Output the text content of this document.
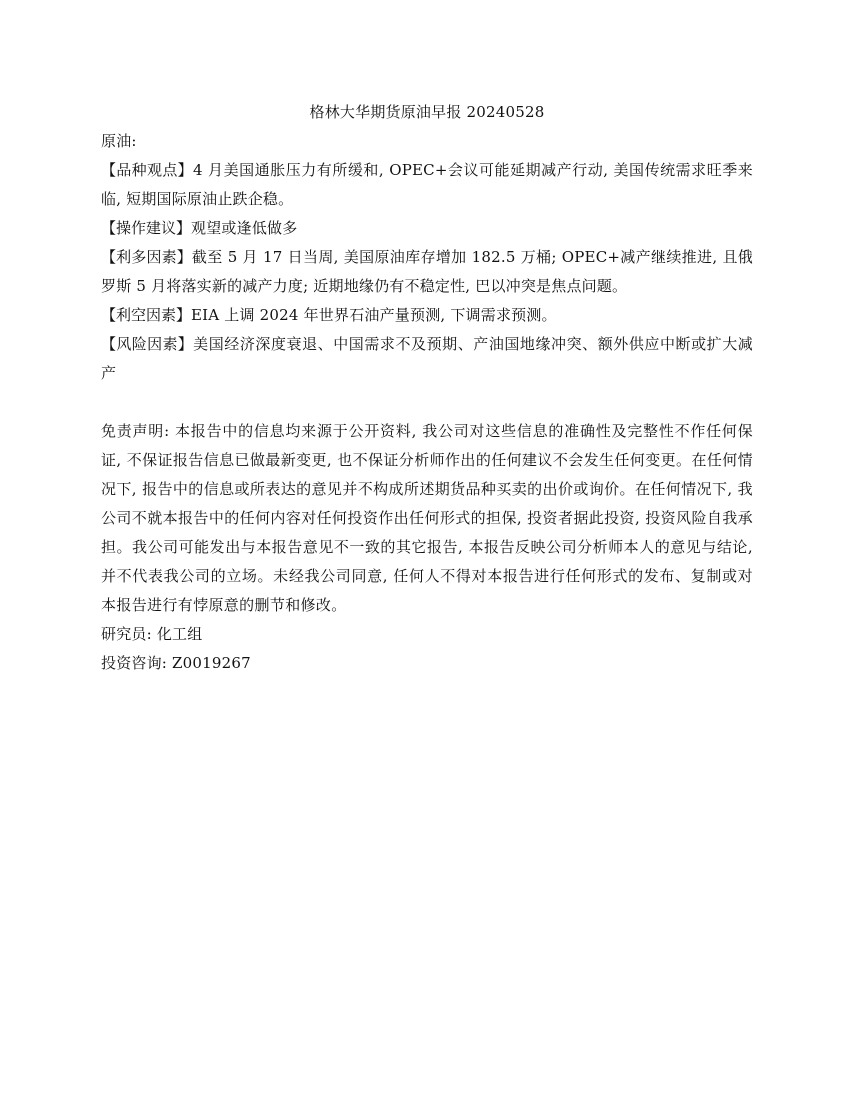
格林大华期货原油早报 20240528

原油:

【品种观点】4 月美国通胀压力有所缓和, OPEC+会议可能延期减产行动, 美国传统需求旺季来临, 短期国际原油止跌企稳。

【操作建议】观望或逢低做多

【利多因素】截至 5 月 17 日当周, 美国原油库存增加 182.5 万桶; OPEC+减产继续推进, 且俄罗斯 5 月将落实新的减产力度; 近期地缘仍有不稳定性, 巴以冲突是焦点问题。

【利空因素】EIA 上调 2024 年世界石油产量预测, 下调需求预测。

【风险因素】美国经济深度衰退、中国需求不及预期、产油国地缘冲突、额外供应中断或扩大减产

免责声明: 本报告中的信息均来源于公开资料, 我公司对这些信息的准确性及完整性不作任何保证, 不保证报告信息已做最新变更, 也不保证分析师作出的任何建议不会发生任何变更。在任何情况下, 报告中的信息或所表达的意见并不构成所述期货品种买卖的出价或询价。在任何情况下, 我公司不就本报告中的任何内容对任何投资作出任何形式的担保, 投资者据此投资, 投资风险自我承担。我公司可能发出与本报告意见不一致的其它报告, 本报告反映公司分析师本人的意见与结论, 并不代表我公司的立场。未经我公司同意, 任何人不得对本报告进行任何形式的发布、复制或对本报告进行有悖原意的删节和修改。

研究员: 化工组

投资咨询: Z0019267
